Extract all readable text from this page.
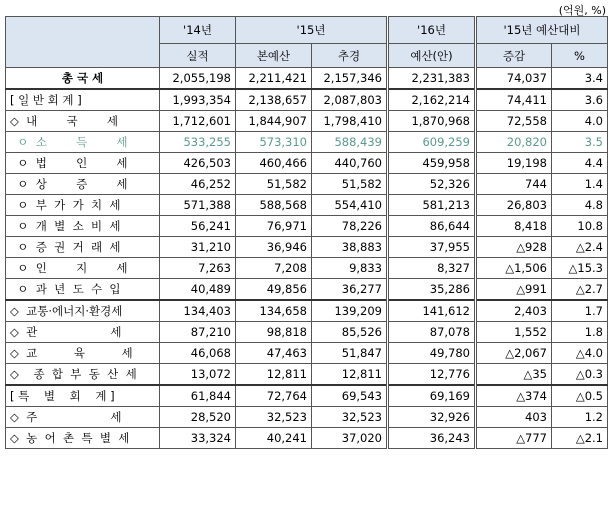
(억원, %)
	'14년	'15년		'16년	'15년 예산대비	
	실적	본예산	추경	예산(안)	증감	%
총 국 세	2,055,198	2,211,421	2,157,346	2,231,383	74,037	3.4
[ 일 반 회 계 ]	1,993,354	2,138,657	2,087,803	2,162,214	74,411	3.6
◇  내        국        세	1,712,601	1,844,907	1,798,410	1,870,968	72,558	4.0
ㅇ  소        득        세	533,255	573,310	588,439	609,259	20,820	3.5
ㅇ  법        인        세	426,503	460,466	440,760	459,958	19,198	4.4
ㅇ  상        증        세	46,252	51,582	51,582	52,326	744	1.4
ㅇ  부  가  가  치  세	571,388	588,568	554,410	581,213	26,803	4.8
ㅇ  개  별  소  비  세	56,241	76,971	78,226	86,644	8,418	10.8
ㅇ  증  권  거  래  세	31,210	36,946	38,883	37,955	△928	△2.4
ㅇ  인        지        세	7,263	7,208	9,833	8,327	△1,506	△15.3
ㅇ  과  년  도  수  입	40,489	49,856	36,277	35,286	△991	△2.7
◇  교통·에너지·환경세	134,403	134,658	139,209	141,612	2,403	1.7
◇  관                    세	87,210	98,818	85,526	87,078	1,552	1.8
◇  교          육          세	46,068	47,463	51,847	49,780	△2,067	△4.0
◇    종  합  부  동  산  세	13,072	12,811	12,811	12,776	△35	△0.3
[ 특    별    회    계 ]	61,844	72,764	69,543	69,169	△374	△0.5
◇  주                    세	28,520	32,523	32,523	32,926	403	1.2
◇  농  어  촌  특  별  세	33,324	40,241	37,020	36,243	△777	△2.1
